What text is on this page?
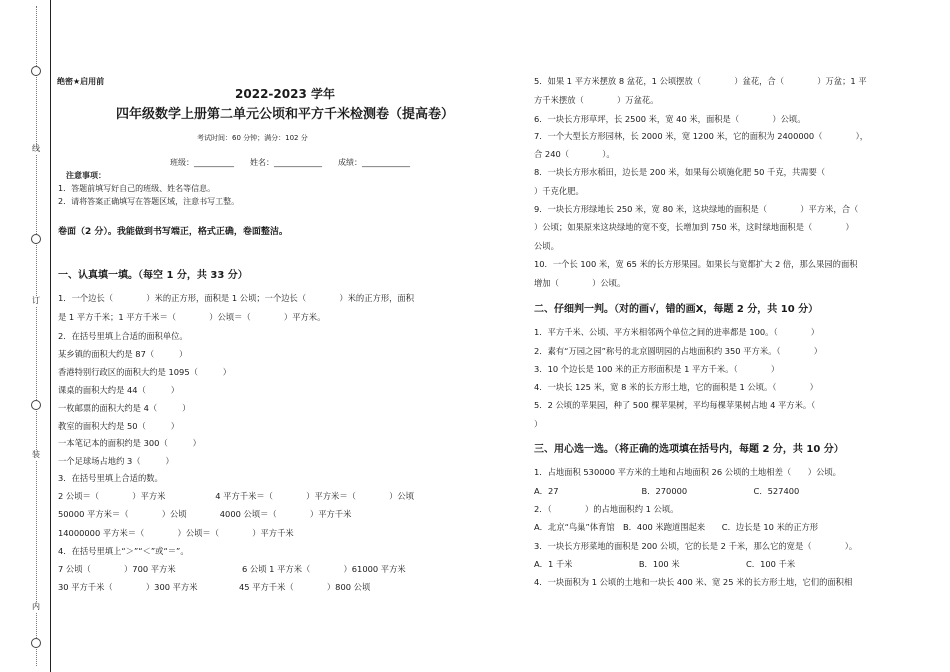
线
订
装
内
绝密★启用前
2022-2023 学年
四年级数学上册第二单元公顷和平方千米检测卷（提高卷）
考试时间：60 分钟；满分：102 分
班级：__________　　姓名：____________　　成绩：____________
注意事项：
1．答题前填写好自己的班级、姓名等信息。
2．请将答案正确填写在答题区域，注意书写工整。
卷面（2 分）。我能做到书写端正，格式正确，卷面整洁。
一、认真填一填。（每空 1 分，共 33 分）
1．一个边长（　　　　）米的正方形，面积是 1 公顷；一个边长（　　　　）米的正方形，面积
是 1 平方千米；1 平方千米＝（　　　　）公顷＝（　　　　）平方米。
2．在括号里填上合适的面积单位。
某乡镇的面积大约是 87（　　　）
香港特别行政区的面积大约是 1095（　　　）
课桌的面积大约是 44（　　　）
一枚邮票的面积大约是 4（　　　）
教室的面积大约是 50（　　　）
一本笔记本的面积约是 300（　　　）
一个足球场占地约 3（　　　）
3．在括号里填上合适的数。
2 公顷＝（　　　　）平方米　　　　　　4 平方千米＝（　　　　）平方米＝（　　　　）公顷
50000 平方米＝（　　　　）公顷　　　　4000 公顷＝（　　　　）平方千米
14000000 平方米＝（　　　　）公顷＝（　　　　）平方千米
4．在括号里填上“＞”“＜”或“＝”。
7 公顷（　　　　）700 平方米　　　　　　　　6 公顷 1 平方米（　　　　）61000 平方米
30 平方千米（　　　　）300 平方米　　　　　45 平方千米（　　　　）800 公顷
5．如果 1 平方米摆放 8 盆花，1 公顷摆放（　　　　）盆花，合（　　　　）万盆；1 平
方千米摆放（　　　　）万盆花。
6．一块长方形草坪，长 2500 米，宽 40 米，面积是（　　　　）公顷。
7．一个大型长方形园林，长 2000 米，宽 1200 米，它的面积为 2400000（　　　　），
合 240（　　　　）。
8．一块长方形水稻田，边长是 200 米，如果每公顷施化肥 50 千克，共需要（
）千克化肥。
9．一块长方形绿地长 250 米，宽 80 米，这块绿地的面积是（　　　　）平方米，合（
）公顷；如果原来这块绿地的宽不变，长增加到 750 米，这时绿地面积是（　　　　）
公顷。
10．一个长 100 米，宽 65 米的长方形果园。如果长与宽都扩大 2 倍，那么果园的面积
增加（　　　　）公顷。
二、仔细判一判。（对的画√，错的画Ⅹ，每题 2 分，共 10 分）
1．平方千米、公顷、平方米相邻两个单位之间的进率都是 100。（　　　　）
2．素有“万园之园”称号的北京圆明园的占地面积约 350 平方米。（　　　　）
3．10 个边长是 100 米的正方形面积是 1 平方千米。（　　　　）
4．一块长 125 米，宽 8 米的长方形土地，它的面积是 1 公顷。（　　　　）
5．2 公顷的苹果园，种了 500 棵苹果树，平均每棵苹果树占地 4 平方米。（
）
三、用心选一选。（将正确的选项填在括号内，每题 2 分，共 10 分）
1．占地面积 530000 平方米的土地和占地面积 26 公顷的土地相差（　　）公顷。
A．27　　　　　　　　　　B．270000　　　　　　　　C．527400
2．（　　　　）的占地面积约 1 公顷。
A．北京“鸟巢”体育馆　B．400 米跑道围起来　　C．边长是 10 米的正方形
3．一块长方形菜地的面积是 200 公顷，它的长是 2 千米，那么它的宽是（　　　　）。
A．1 千米　　　　　　　　B．100 米　　　　　　　　C．100 千米
4．一块面积为 1 公顷的土地和一块长 400 米、宽 25 米的长方形土地，它们的面积相
